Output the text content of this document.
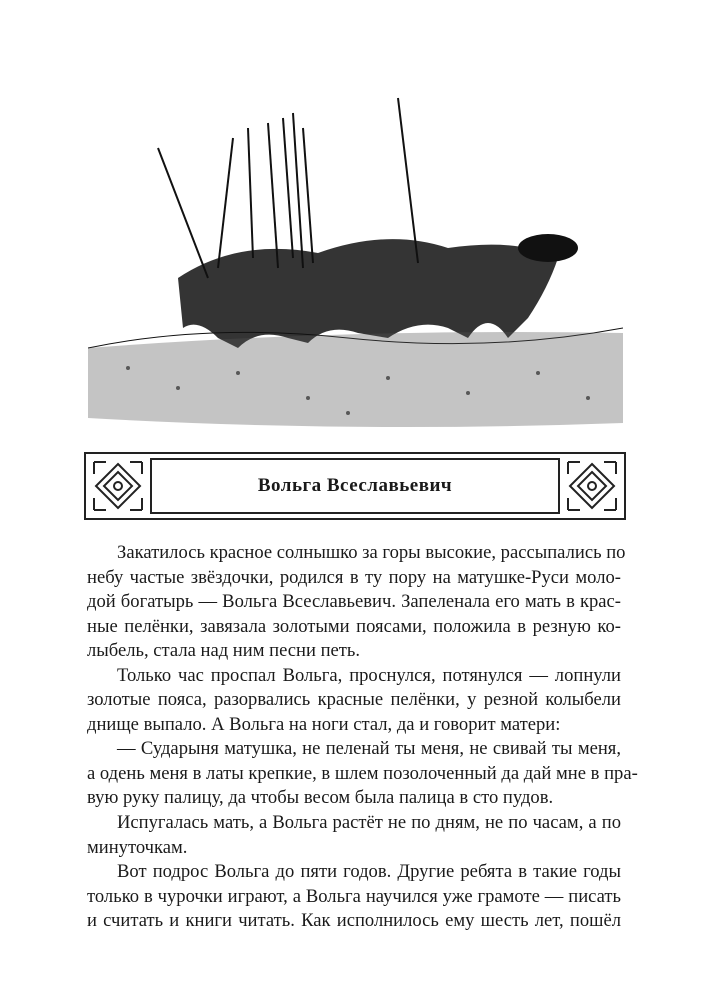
Вольга Всеславьевич
Закатилось красное солнышко за горы высокие, рассыпались по
небу частые звёздочки, родился в ту пору на матушке-Руси моло-
дой богатырь — Вольга Всеславьевич. Запеленала его мать в крас-
ные пелёнки, завязала золотыми поясами, положила в резную ко-
лыбель, стала над ним песни петь.
Только час проспал Вольга, проснулся, потянулся — лопнули
золотые пояса, разорвались красные пелёнки, у резной колыбели
днище выпало. А Вольга на ноги стал, да и говорит матери:
— Сударыня матушка, не пеленай ты меня, не свивай ты меня,
а одень меня в латы крепкие, в шлем позолоченный да дай мне в пра-
вую руку палицу, да чтобы весом была палица в сто пудов.
Испугалась мать, а Вольга растёт не по дням, не по часам, а по
минуточкам.
Вот подрос Вольга до пяти годов. Другие ребята в такие годы
только в чурочки играют, а Вольга научился уже грамоте — писать
и считать и книги читать. Как исполнилось ему шесть лет, пошёл
